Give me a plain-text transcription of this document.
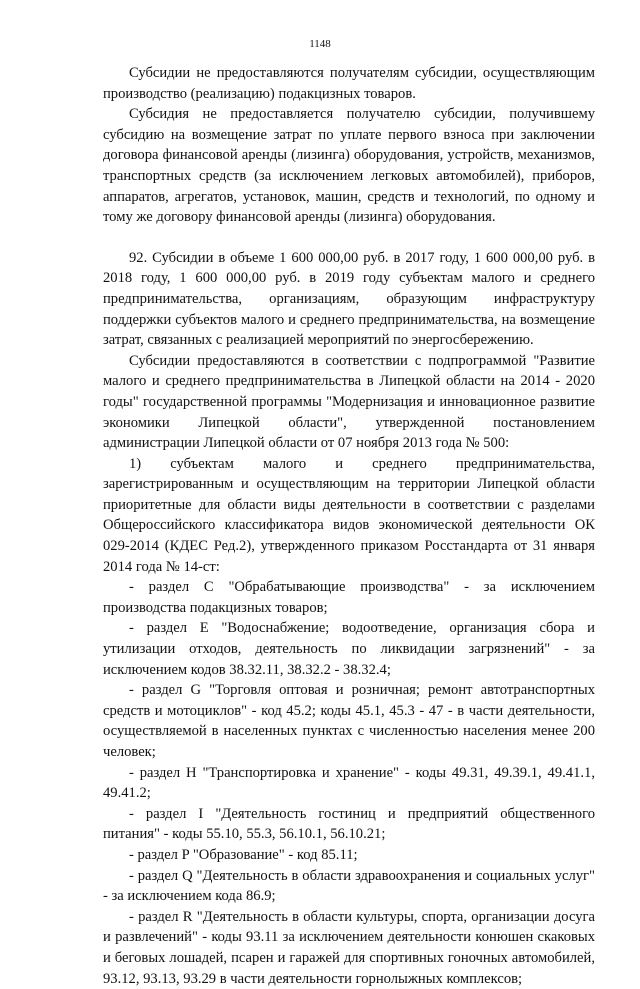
1148

Субсидии не предоставляются получателям субсидии, осуществляющим производство (реализацию) подакцизных товаров.

Субсидия не предоставляется получателю субсидии, получившему субсидию на возмещение затрат по уплате первого взноса при заключении договора финансовой аренды (лизинга) оборудования, устройств, механизмов, транспортных средств (за исключением легковых автомобилей), приборов, аппаратов, агрегатов, установок, машин, средств и технологий, по одному и тому же договору финансовой аренды (лизинга) оборудования.

92. Субсидии в объеме 1 600 000,00 руб. в 2017 году, 1 600 000,00 руб. в 2018 году, 1 600 000,00 руб. в 2019 году субъектам малого и среднего предпринимательства, организациям, образующим инфраструктуру поддержки субъектов малого и среднего предпринимательства, на возмещение затрат, связанных с реализацией мероприятий по энергосбережению.

Субсидии предоставляются в соответствии с подпрограммой "Развитие малого и среднего предпринимательства в Липецкой области на 2014 - 2020 годы" государственной программы "Модернизация и инновационное развитие экономики Липецкой области", утвержденной постановлением администрации Липецкой области от 07 ноября 2013 года № 500:

1) субъектам малого и среднего предпринимательства, зарегистрированным и осуществляющим на территории Липецкой области приоритетные для области виды деятельности в соответствии с разделами Общероссийского классификатора видов экономической деятельности ОК 029-2014 (КДЕС Ред.2), утвержденного приказом Росстандарта от 31 января 2014 года № 14-ст:

- раздел C "Обрабатывающие производства" - за исключением производства подакцизных товаров;

- раздел E "Водоснабжение; водоотведение, организация сбора и утилизации отходов, деятельность по ликвидации загрязнений" - за исключением кодов 38.32.11, 38.32.2 - 38.32.4;

- раздел G "Торговля оптовая и розничная; ремонт автотранспортных средств и мотоциклов" - код 45.2; коды 45.1, 45.3 - 47 - в части деятельности, осуществляемой в населенных пунктах с численностью населения менее 200 человек;

- раздел H "Транспортировка и хранение" - коды 49.31, 49.39.1, 49.41.1, 49.41.2;

- раздел I "Деятельность гостиниц и предприятий общественного питания" - коды 55.10, 55.3, 56.10.1, 56.10.21;

- раздел P "Образование" - код 85.11;

- раздел Q "Деятельность в области здравоохранения и социальных услуг" - за исключением кода 86.9;

- раздел R "Деятельность в области культуры, спорта, организации досуга и развлечений" - коды 93.11 за исключением деятельности конюшен скаковых и беговых лошадей, псарен и гаражей для спортивных гоночных автомобилей, 93.12, 93.13, 93.29 в части деятельности горнолыжных комплексов;
